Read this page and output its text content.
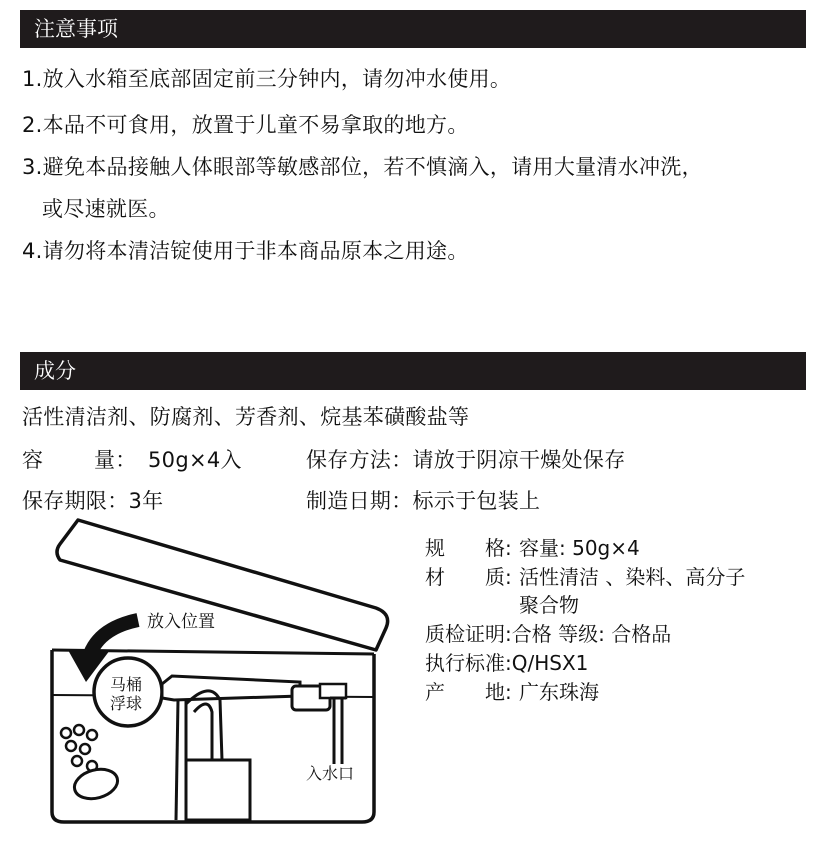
注意事项
1.放入水箱至底部固定前三分钟内，请勿冲水使用。
2.本品不可食用，放置于儿童不易拿取的地方。
3.避免本品接触人体眼部等敏感部位，若不慎滴入，请用大量清水冲洗，
或尽速就医。
4.请勿将本清洁锭使用于非本商品原本之用途。
成分
活性清洁剂、防腐剂、芳香剂、烷基苯磺酸盐等
容 量： 50g×4入	保存方法：请放于阴凉干燥处保存
保存期限：3年	制造日期：标示于包装上
规 格: 容量: 50g×4
材 质: 活性清洁 、染料、高分子
聚合物
质检证明:合格 等级: 合格品
执行标准:Q/HSX1
产 地: 广东珠海
放入位置
马桶
浮球
入水口
